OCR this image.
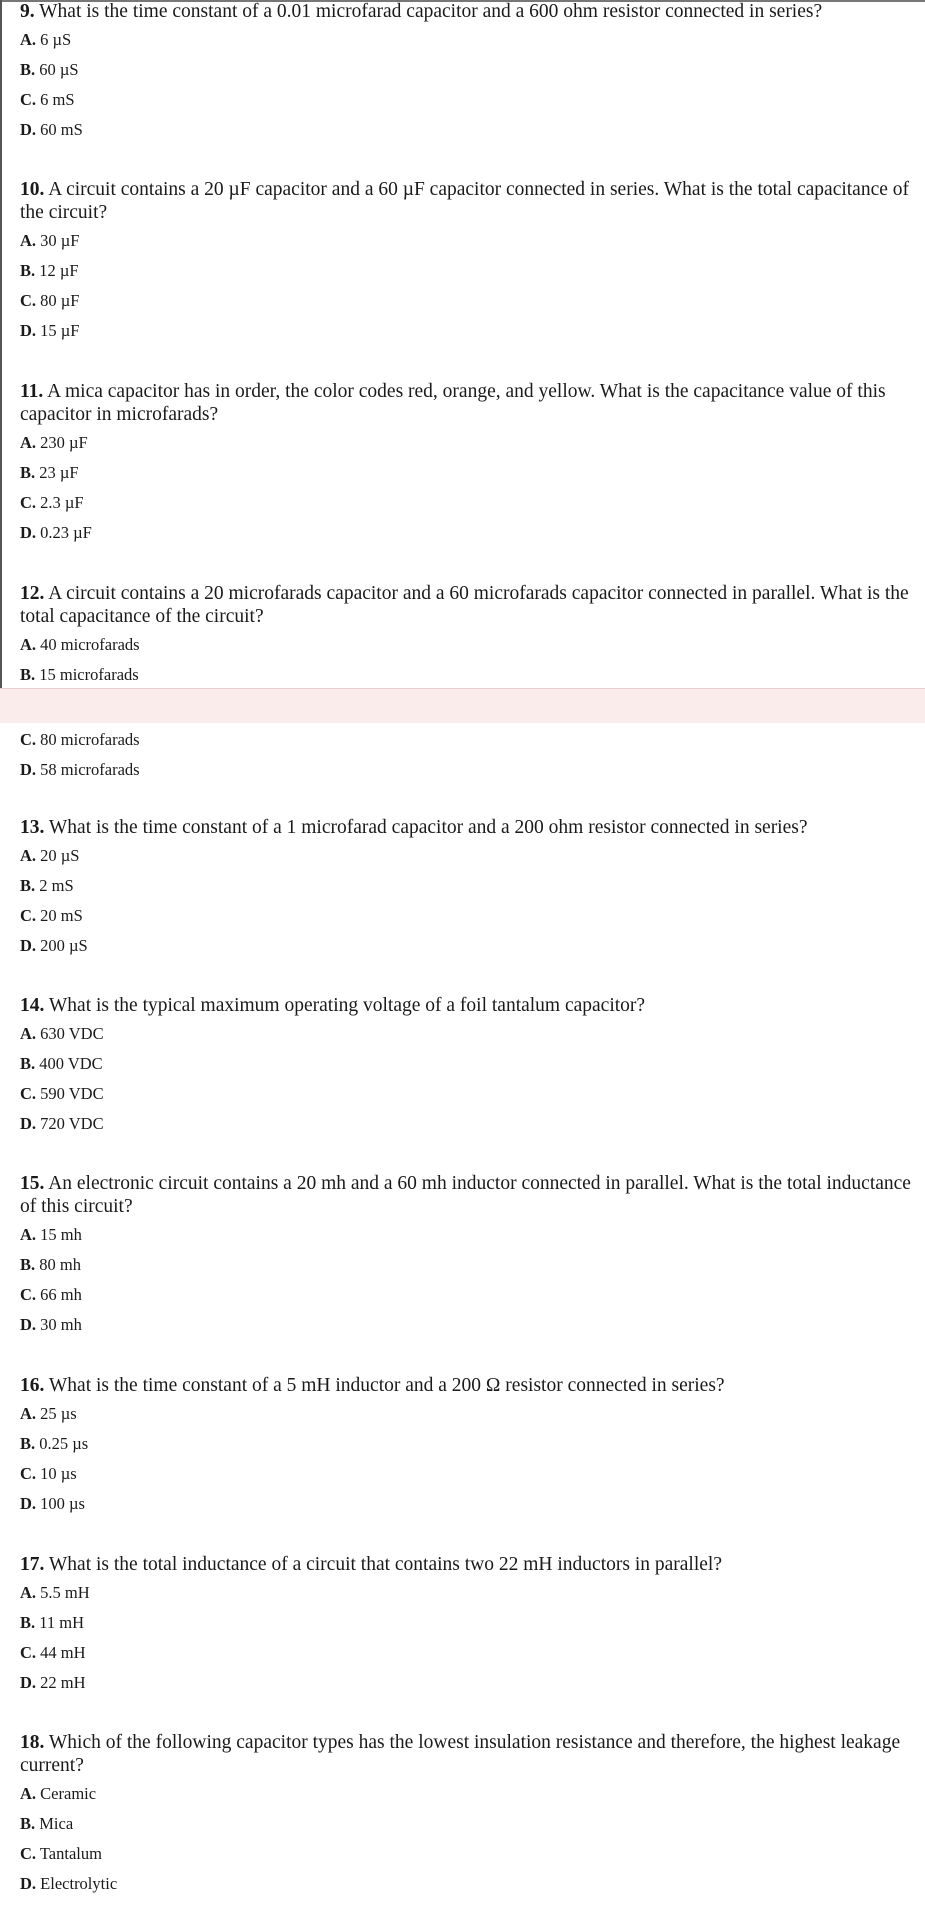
9. What is the time constant of a 0.01 microfarad capacitor and a 600 ohm resistor connected in series?

A. 6 µS

B. 60 µS

C. 6 mS

D. 60 mS

10. A circuit contains a 20 µF capacitor and a 60 µF capacitor connected in series. What is the total capacitance of the circuit?

A. 30 µF

B. 12 µF

C. 80 µF

D. 15 µF

11. A mica capacitor has in order, the color codes red, orange, and yellow. What is the capacitance value of this capacitor in microfarads?

A. 230 µF

B. 23 µF

C. 2.3 µF

D. 0.23 µF

12. A circuit contains a 20 microfarads capacitor and a 60 microfarads capacitor connected in parallel. What is the total capacitance of the circuit?

A. 40 microfarads

B. 15 microfarads

C. 80 microfarads

D. 58 microfarads

13. What is the time constant of a 1 microfarad capacitor and a 200 ohm resistor connected in series?

A. 20 µS

B. 2 mS

C. 20 mS

D. 200 µS

14. What is the typical maximum operating voltage of a foil tantalum capacitor?

A. 630 VDC

B. 400 VDC

C. 590 VDC

D. 720 VDC

15. An electronic circuit contains a 20 mh and a 60 mh inductor connected in parallel. What is the total inductance of this circuit?

A. 15 mh

B. 80 mh

C. 66 mh

D. 30 mh

16. What is the time constant of a 5 mH inductor and a 200 Ω resistor connected in series?

A. 25 µs

B. 0.25 µs

C. 10 µs

D. 100 µs

17. What is the total inductance of a circuit that contains two 22 mH inductors in parallel?

A. 5.5 mH

B. 11 mH

C. 44 mH

D. 22 mH

18. Which of the following capacitor types has the lowest insulation resistance and therefore, the highest leakage current?

A. Ceramic

B. Mica

C. Tantalum

D. Electrolytic
